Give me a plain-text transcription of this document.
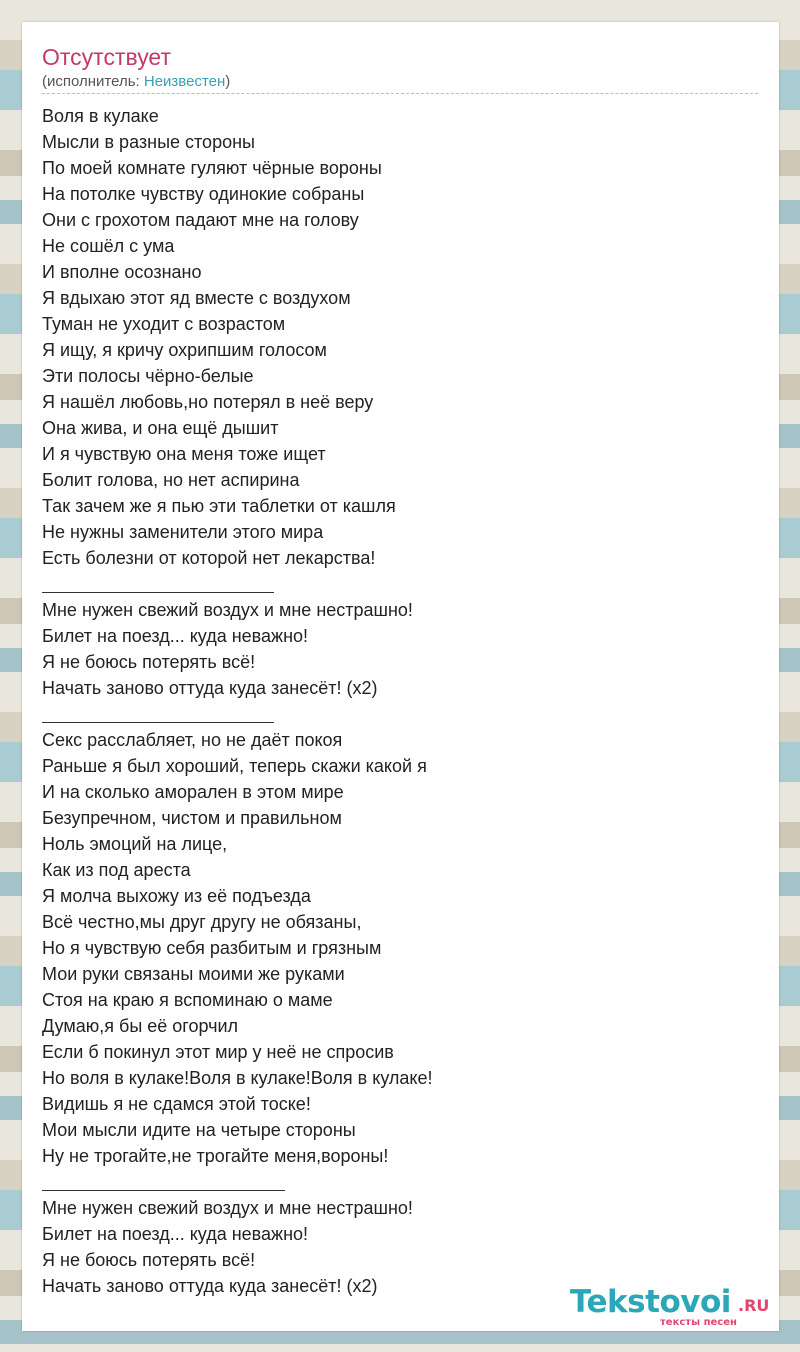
Отсутствует
(исполнитель: Неизвестен)
Воля в кулаке
Мысли в разные стороны
По моей комнате гуляют чёрные вороны
На потолке чувству одинокие собраны
Они с грохотом падают мне на голову
Не сошёл с ума
И вполне осознано
Я вдыхаю этот яд вместе с воздухом
Туман не уходит с возрастом
Я ищу, я кричу охрипшим голосом
Эти полосы чёрно-белые
Я нашёл любовь,но потерял в неё веру
Она жива, и она ещё дышит
И я чувствую она меня тоже ищет
Болит голова, но нет аспирина
Так зачем же я пью эти таблетки от кашля
Не нужны заменители этого мира
Есть болезни от которой нет лекарства!
Мне нужен свежий воздух и мне нестрашно!
Билет на поезд... куда неважно!
Я не боюсь потерять всё!
Начать заново оттуда куда занесёт! (x2)
Секс расслабляет, но не даёт покоя
Раньше я был хороший, теперь скажи какой я
И на сколько аморален в этом мире
Безупречном, чистом и правильном
Ноль эмоций на лице,
Как из под ареста
Я молча выхожу из её подъезда
Всё честно,мы друг другу не обязаны,
Но я чувствую себя разбитым и грязным
Мои руки связаны моими же руками
Стоя на краю я вспоминаю о маме
Думаю,я бы её огорчил
Если б покинул этот мир у неё не спросив
Но воля в кулаке!Воля в кулаке!Воля в кулаке!
Видишь я не сдамся этой тоске!
Мои мысли идите на четыре стороны
Ну не трогайте,не трогайте меня,вороны!
Мне нужен свежий воздух и мне нестрашно!
Билет на поезд... куда неважно!
Я не боюсь потерять всё!
Начать заново оттуда куда занесёт! (x2)	Tekstovoi .RU
тексты песен
